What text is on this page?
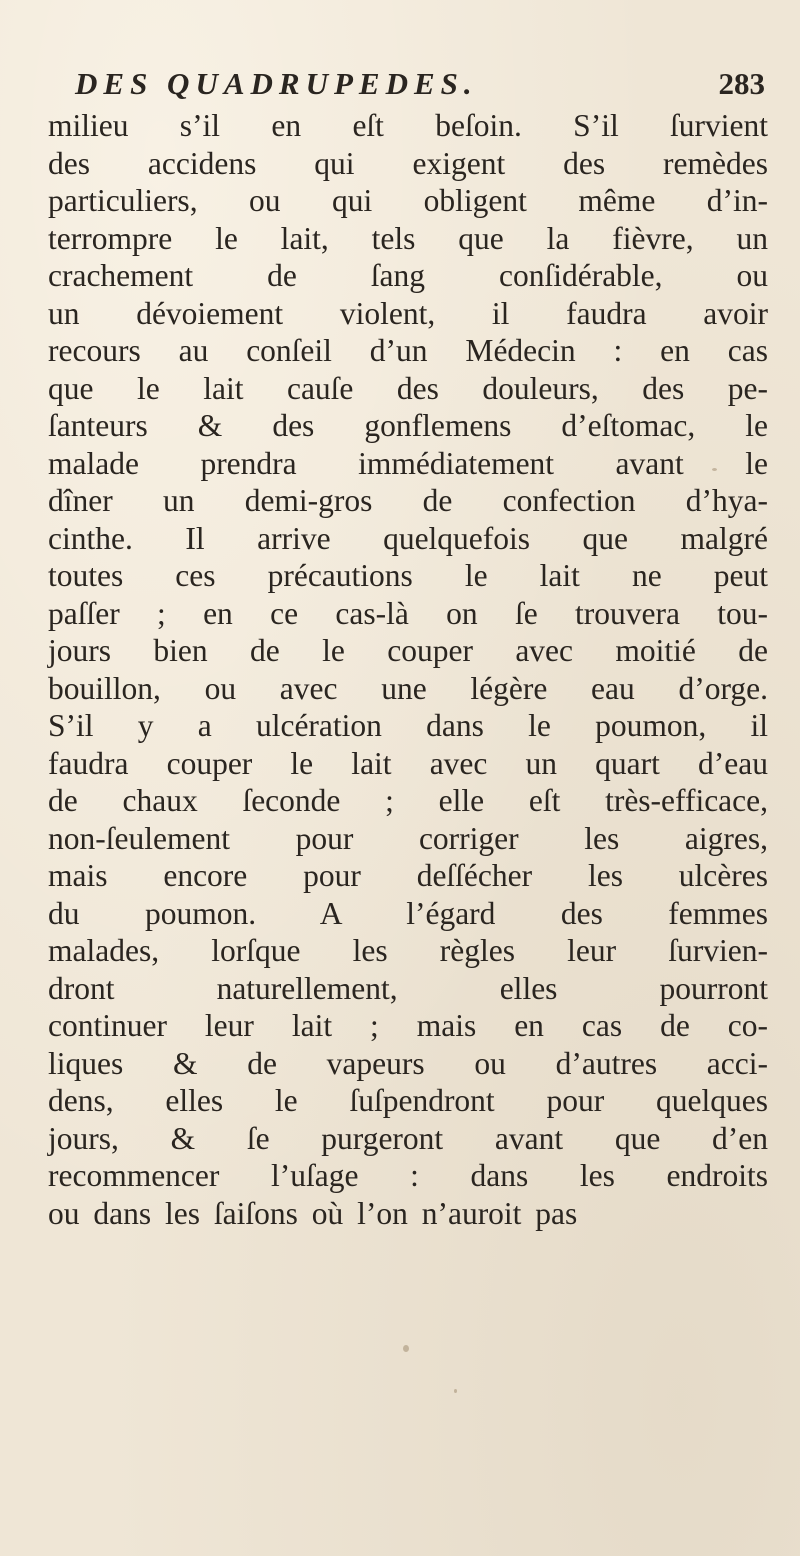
DES QUADRUPEDES.	283
milieu s’il en eſt beſoin. S’il ſurvient
des accidens qui exigent des remèdes
particuliers, ou qui obligent même d’in-
terrompre le lait, tels que la fièvre, un
crachement de ſang conſidérable, ou
un dévoiement violent, il faudra avoir
recours au conſeil d’un Médecin : en cas
que le lait cauſe des douleurs, des pe-
ſanteurs & des gonflemens d’eſtomac, le
malade prendra immédiatement avant le
dîner un demi-gros de confection d’hya-
cinthe. Il arrive quelquefois que malgré
toutes ces précautions le lait ne peut
paſſer ; en ce cas-là on ſe trouvera tou-
jours bien de le couper avec moitié de
bouillon, ou avec une légère eau d’orge.
S’il y a ulcération dans le poumon, il
faudra couper le lait avec un quart d’eau
de chaux ſeconde ; elle eſt très-efficace,
non-ſeulement pour corriger les aigres,
mais encore pour deſſécher les ulcères
du poumon. A l’égard des femmes
malades, lorſque les règles leur ſurvien-
dront naturellement, elles pourront
continuer leur lait ; mais en cas de co-
liques & de vapeurs ou d’autres acci-
dens, elles le ſuſpendront pour quelques
jours, & ſe purgeront avant que d’en
recommencer l’uſage : dans les endroits
ou dans les ſaiſons où l’on n’auroit pas
